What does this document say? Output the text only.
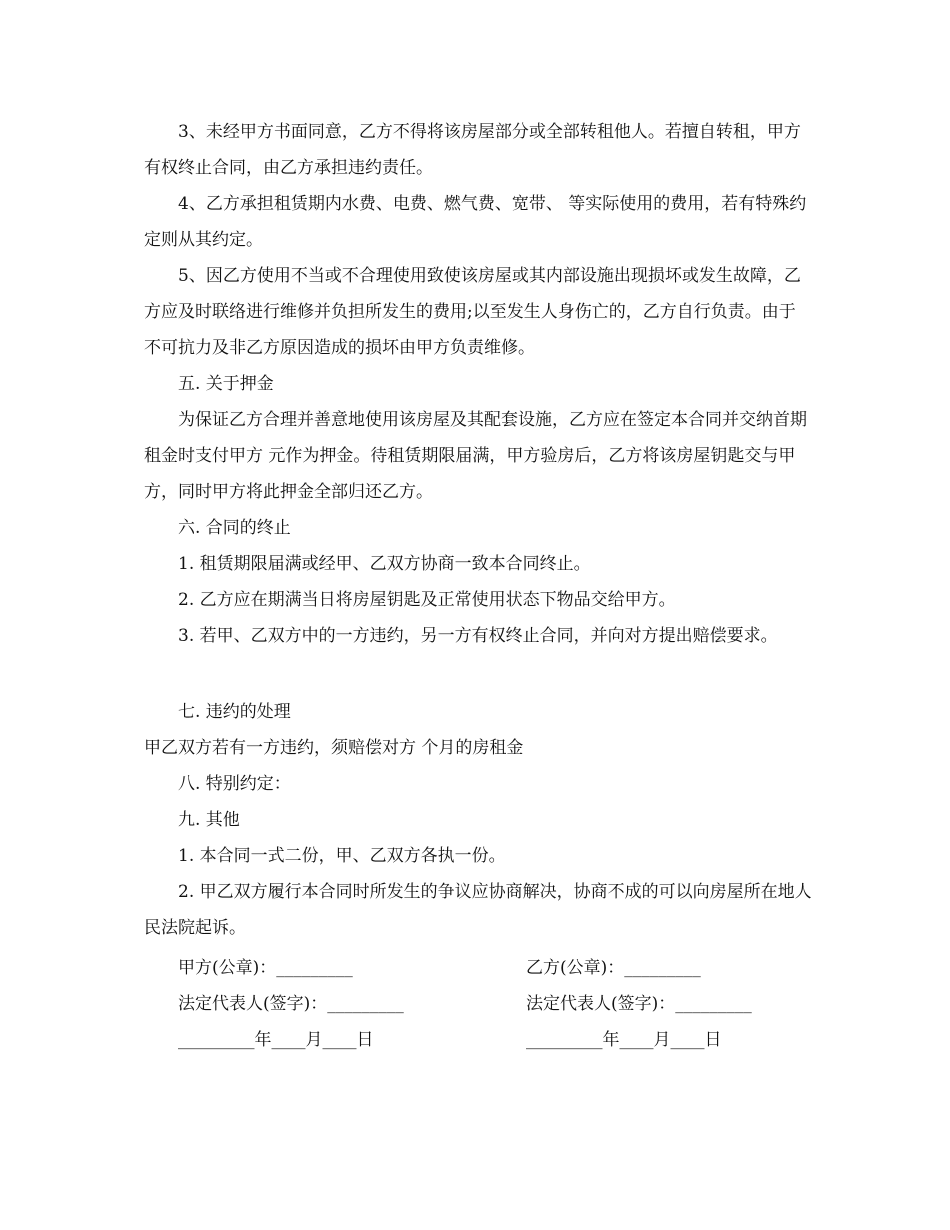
3、未经甲方书面同意，乙方不得将该房屋部分或全部转租他人。若擅自转租，甲方有权终止合同，由乙方承担违约责任。

4、乙方承担租赁期内水费、电费、燃气费、宽带、 等实际使用的费用，若有特殊约定则从其约定。

5、因乙方使用不当或不合理使用致使该房屋或其内部设施出现损坏或发生故障，乙方应及时联络进行维修并负担所发生的费用;以至发生人身伤亡的，乙方自行负责。由于不可抗力及非乙方原因造成的损坏由甲方负责维修。

五. 关于押金

为保证乙方合理并善意地使用该房屋及其配套设施，乙方应在签定本合同并交纳首期租金时支付甲方 元作为押金。待租赁期限届满，甲方验房后，乙方将该房屋钥匙交与甲方，同时甲方将此押金全部归还乙方。

六. 合同的终止

1. 租赁期限届满或经甲、乙双方协商一致本合同终止。

2. 乙方应在期满当日将房屋钥匙及正常使用状态下物品交给甲方。

3. 若甲、乙双方中的一方违约，另一方有权终止合同，并向对方提出赔偿要求。

七. 违约的处理

甲乙双方若有一方违约，须赔偿对方 个月的房租金

八. 特别约定：

九. 其他

1. 本合同一式二份，甲、乙双方各执一份。

2. 甲乙双方履行本合同时所发生的争议应协商解决，协商不成的可以向房屋所在地人民法院起诉。

甲方(公章)：_________	乙方(公章)：_________
法定代表人(签字)：_________	法定代表人(签字)：_________
_________年____月____日	_________年____月____日
